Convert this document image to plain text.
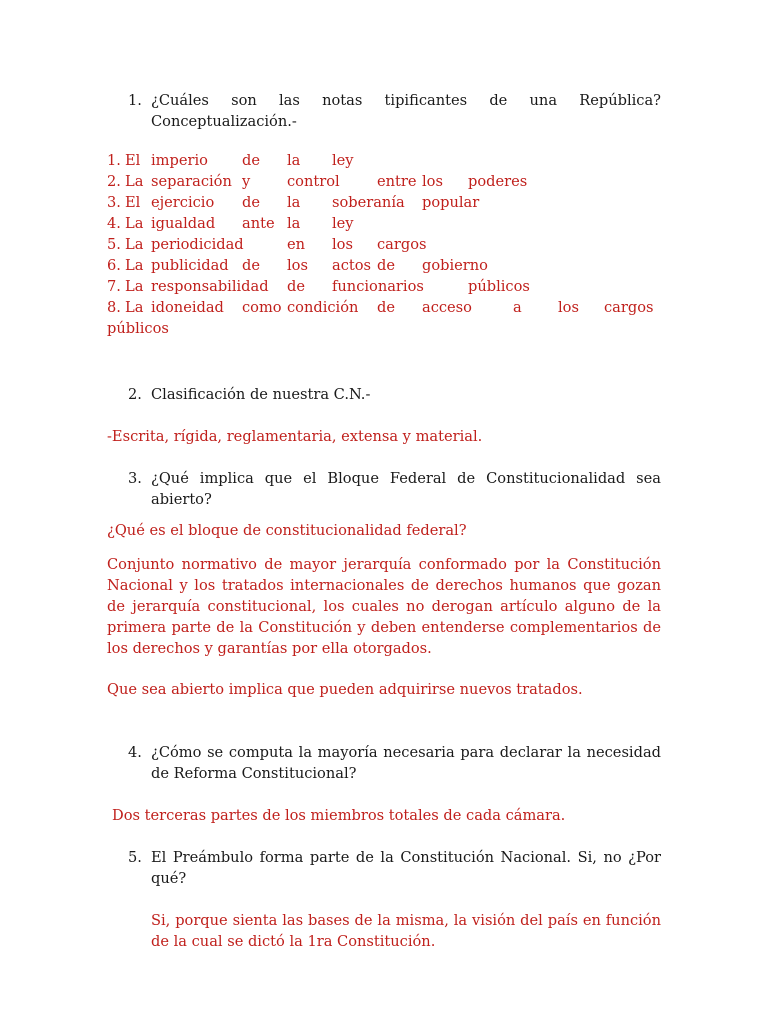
1. ¿Cuáles son las notas tipificantes de una República? Conceptualización.-
1. El imperio de la ley
2. La separación y	control	entre los poderes
3. El ejercicio de la soberanía popular
4. La igualdad ante la ley
5. La periodicidad	en los cargos
6. La publicidad de los actos de gobierno
7. La responsabilidad de funcionarios	públicos
8. La idoneidad como condición de acceso	a los cargos
públicos
2. Clasificación de nuestra C.N.-
-Escrita, rígida, reglamentaria, extensa y material.
3. ¿Qué implica que el Bloque Federal de Constitucionalidad sea abierto?
¿Qué es el bloque de constitucionalidad federal?
Conjunto normativo de mayor jerarquía conformado por la Constitución Nacional y los tratados internacionales de derechos humanos que gozan de jerarquía constitucional, los cuales no derogan artículo alguno de la primera parte de la Constitución y deben entenderse complementarios de los derechos y garantías por ella otorgados.
Que sea abierto implica que pueden adquirirse nuevos tratados.
4. ¿Cómo se computa la mayoría necesaria para declarar la necesidad de Reforma Constitucional?
Dos terceras partes de los miembros totales de cada cámara.
5. El Preámbulo forma parte de la Constitución Nacional. Si, no ¿Por qué?
Si, porque sienta las bases de la misma, la visión del país en función de la cual se dictó la 1ra Constitución.
